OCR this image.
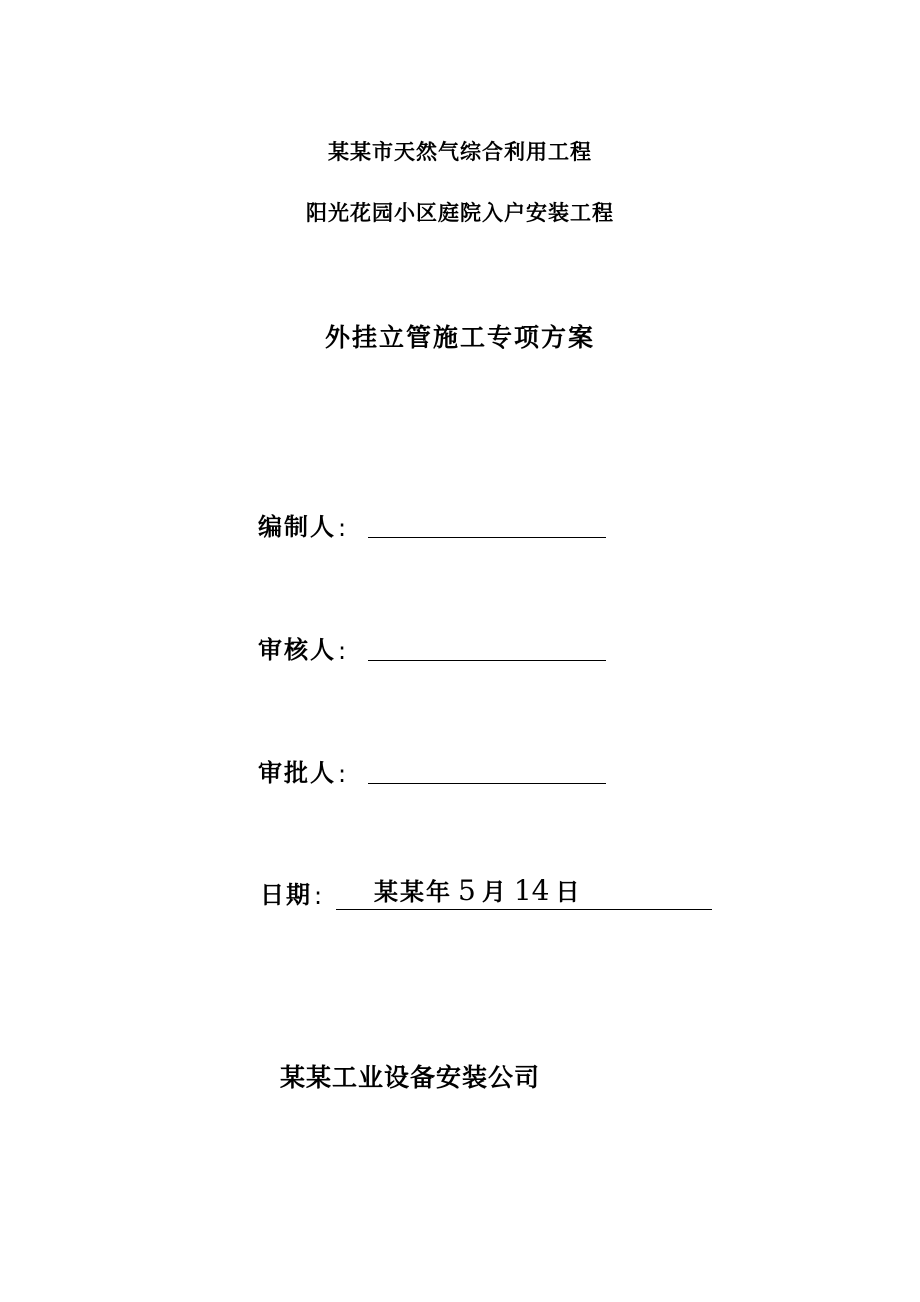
某某市天然气综合利用工程
阳光花园小区庭院入户安装工程
外挂立管施工专项方案
编制人 :
审核人 :
审批人 :
日期 :	某某年 5 月 14 日
某某工业设备安装公司
